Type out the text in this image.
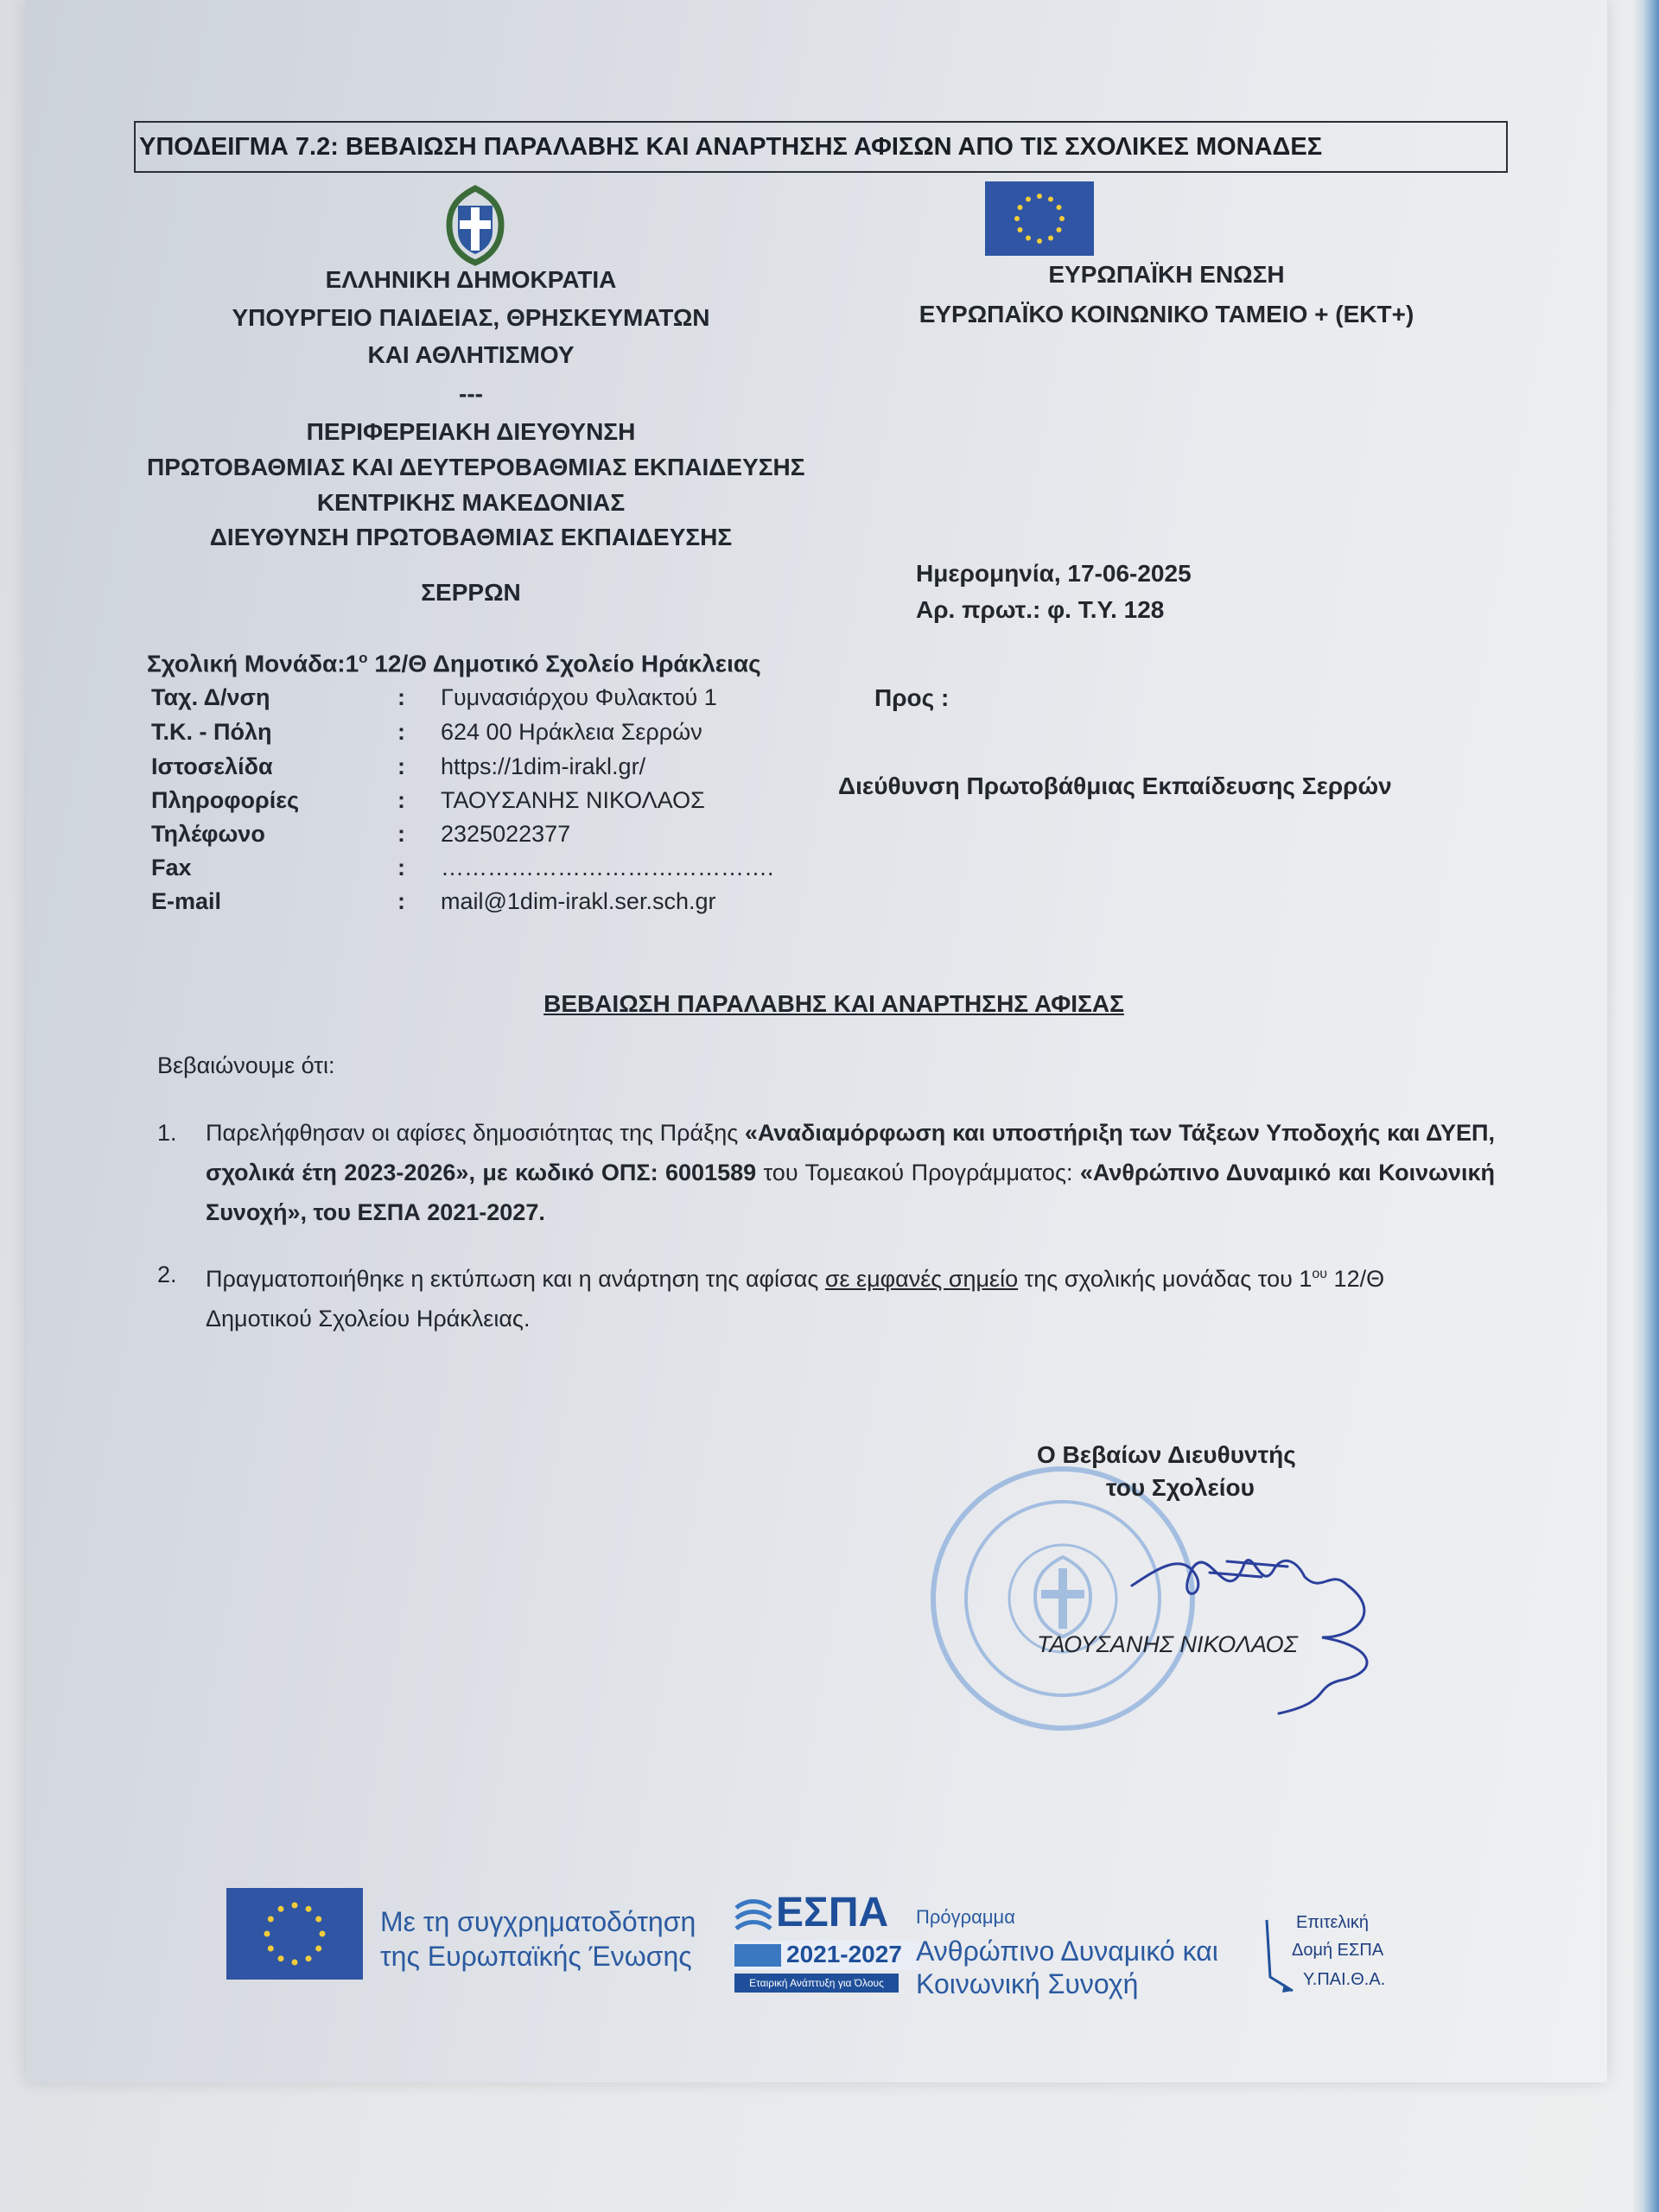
ΥΠΟΔΕΙΓΜΑ 7.2: ΒΕΒΑΙΩΣΗ ΠΑΡΑΛΑΒΗΣ ΚΑΙ ΑΝΑΡΤΗΣΗΣ ΑΦΙΣΩΝ ΑΠΟ ΤΙΣ ΣΧΟΛΙΚΕΣ ΜΟΝΑΔΕΣ
ΕΛΛΗΝΙΚΗ ΔΗΜΟΚΡΑΤΙΑ
ΥΠΟΥΡΓΕΙΟ ΠΑΙΔΕΙΑΣ, ΘΡΗΣΚΕΥΜΑΤΩΝ
ΚΑΙ ΑΘΛΗΤΙΣΜΟΥ
---
ΠΕΡΙΦΕΡΕΙΑΚΗ ΔΙΕΥΘΥΝΣΗ
ΠΡΩΤΟΒΑΘΜΙΑΣ ΚΑΙ ΔΕΥΤΕΡΟΒΑΘΜΙΑΣ ΕΚΠΑΙΔΕΥΣΗΣ
ΚΕΝΤΡΙΚΗΣ ΜΑΚΕΔΟΝΙΑΣ
ΔΙΕΥΘΥΝΣΗ ΠΡΩΤΟΒΑΘΜΙΑΣ ΕΚΠΑΙΔΕΥΣΗΣ
ΣΕΡΡΩΝ
ΕΥΡΩΠΑΪΚΗ ΕΝΩΣΗ
ΕΥΡΩΠΑΪΚΟ ΚΟΙΝΩΝΙΚΟ ΤΑΜΕΙΟ + (ΕΚΤ+)
Ημερομηνία, 17-06-2025
Αρ. πρωτ.: φ. Τ.Υ. 128
Σχολική $Mo\nu ά\delta\alpha:1^o$ 12/Θ Δημοτικό Σχολείο Ηράκλειας
Ταχ. Δ/νση	: Γυμνασιάρχου Φυλακτού 1
Τ.Κ. - Πόλη	: 624 00 Ηράκλεια Σερρών
Ιστοσελίδα	: https://1dim-irakl.gr/
Πληροφορίες	: ΤΑΟΥΣΑΝΗΣ ΝΙΚΟΛΑΟΣ
Τηλέφωνο	: 2325022377
Fax	: …………………………………….
E-mail	: mail@1dim-irakl.ser.sch.gr
Προς :
Διεύθυνση Πρωτοβάθμιας Εκπαίδευσης Σερρών
ΒΕΒΑΙΩΣΗ ΠΑΡΑΛΑΒΗΣ ΚΑΙ ΑΝΑΡΤΗΣΗΣ ΑΦΙΣΑΣ
Βεβαιώνουμε ότι:
1. Παρελήφθησαν οι αφίσες δημοσιότητας της Πράξης «Αναδιαμόρφωση και υποστήριξη των Τάξεων Υποδοχής και ΔΥΕΠ, σχολικά έτη 2023-2026», με κωδικό ΟΠΣ: 6001589 του Τομεακού Προγράμματος: «Ανθρώπινο Δυναμικό και Κοινωνική Συνοχή», του ΕΣΠΑ 2021-2027.
2. Πραγματοποιήθηκε η εκτύπωση και η ανάρτηση της αφίσας σε εμφανές σημείο της σχολικής μονάδας του $1^{o\upsilon}$ 12/Θ Δημοτικού Σχολείου Ηράκλειας.
Ο Βεβαίων Διευθυντής
του Σχολείου
ΤΑΟΥΣΑΝΗΣ ΝΙΚΟΛΑΟΣ
Με τη συγχρηματοδότηση
της Ευρωπαϊκής Ένωσης
ΕΣΠΑ
2021-2027
Εταιρική Ανάπτυξη για Όλους
Πρόγραμμα
Ανθρώπινο Δυναμικό και
Κοινωνική Συνοχή
Επιτελική
Δομή ΕΣΠΑ
Υ.ΠΑΙ.Θ.Α.
